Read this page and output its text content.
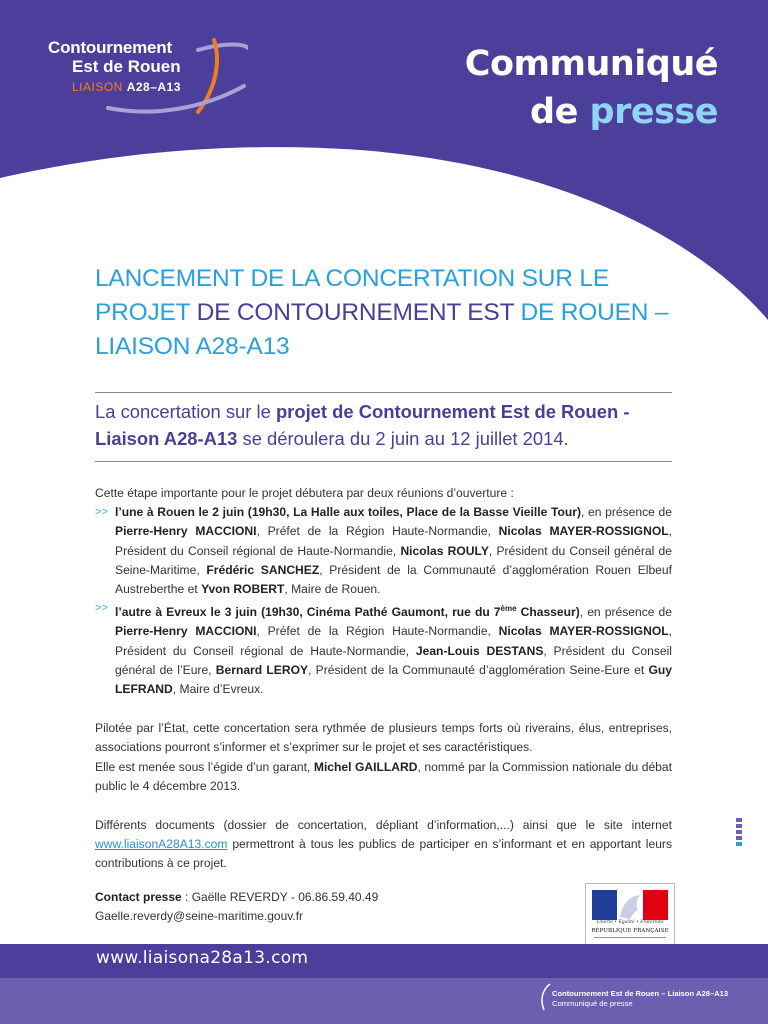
Contournement
Est de Rouen
LIAISON A28–A13
Communiqué
de presse
LANCEMENT DE LA CONCERTATION SUR LE PROJET DE CONTOURNEMENT EST DE ROUEN – LIAISON A28-A13
La concertation sur le projet de Contournement Est de Rouen - Liaison A28-A13 se déroulera du 2 juin au 12 juillet 2014.

Cette étape importante pour le projet débutera par deux réunions d’ouverture :

>> l’une à Rouen le 2 juin (19h30, La Halle aux toiles, Place de la Basse Vieille Tour), en présence de Pierre-Henry MACCIONI, Préfet de la Région Haute-Normandie, Nicolas MAYER-ROSSIGNOL, Président du Conseil régional de Haute-Normandie, Nicolas ROULY, Président du Conseil général de Seine-Maritime, Frédéric SANCHEZ, Président de la Communauté d’agglomération Rouen Elbeuf Austreberthe et Yvon ROBERT, Maire de Rouen.

>> l’autre à Evreux le 3 juin (19h30, Cinéma Pathé Gaumont, rue du 7ème Chasseur), en présence de Pierre-Henry MACCIONI, Préfet de la Région Haute-Normandie, Nicolas MAYER-ROSSIGNOL, Président du Conseil régional de Haute-Normandie, Jean-Louis DESTANS, Président du Conseil général de l’Eure, Bernard LEROY, Président de la Communauté d’agglomération Seine-Eure et Guy LEFRAND, Maire d’Evreux.

Pilotée par l’État, cette concertation sera rythmée de plusieurs temps forts où riverains, élus, entreprises, associations pourront s’informer et s’exprimer sur le projet et ses caractéristiques.

Elle est menée sous l’égide d’un garant, Michel GAILLARD, nommé par la Commission nationale du débat public le 4 décembre 2013.

Différents documents (dossier de concertation, dépliant d’information,...) ainsi que le site internet www.liaisonA28A13.com permettront à tous les publics de participer en s’informant et en apportant leurs contributions à ce projet.

Contact presse : Gaëlle REVERDY - 06.86.59.40.49
Gaelle.reverdy@seine-maritime.gouv.fr	Liberté • Égalité • Fraternité
RÉPUBLIQUE FRANÇAISE
www.liaisona28a13.com
Contournement Est de Rouen – Liaison A28–A13
Communiqué de presse
